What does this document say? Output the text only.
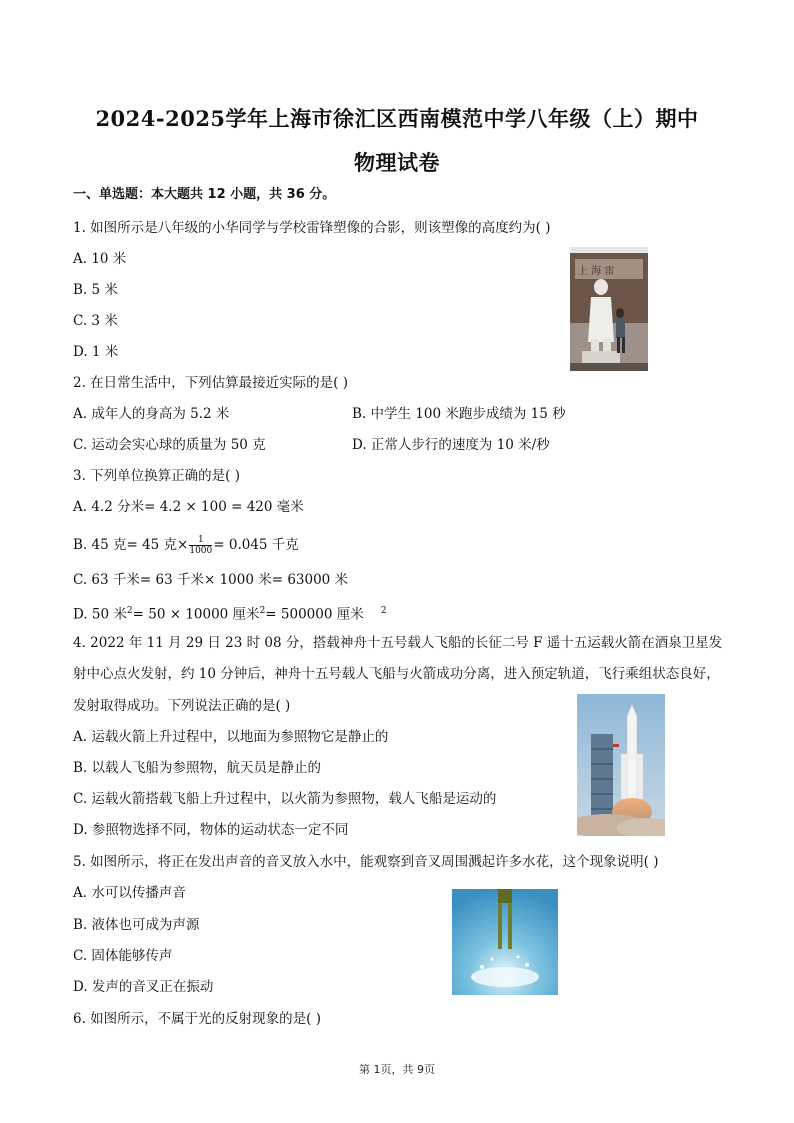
2024-2025学年上海市徐汇区西南模范中学八年级（上）期中
物理试卷
一、单选题：本大题共 12 小题，共 36 分。
1. 如图所示是八年级的小华同学与学校雷锋塑像的合影，则该塑像的高度约为( )
A. 10 米
B. 5 米
C. 3 米
D. 1 米
上 海 雷
2. 在日常生活中，下列估算最接近实际的是( )
A. 成年人的身高为 5.2 米	B. 中学生 100 米跑步成绩为 15 秒
C. 运动会实心球的质量为 50 克	D. 正常人步行的速度为 10 米/秒
3. 下列单位换算正确的是( )
A. 4.2 分米= 4.2 × 100 = 420 毫米
B. 45 克= 45 克× $\frac{1}{1000} = 0.045$ 千克
C. 63 千米= 63 千米× 1000 米= 63000 米
D. 50 米$^2$= 50 × 10000 厘米$^2$= 500000 厘米 $^2$
4. 2022 年 11 月 29 日 23 时 08 分，搭载神舟十五号载人飞船的长征二号 F 遥十五运载火箭在酒泉卫星发
射中心点火发射，约 10 分钟后，神舟十五号载人飞船与火箭成功分离，进入预定轨道，飞行乘组状态良好，
发射取得成功。下列说法正确的是( )
A. 运载火箭上升过程中，以地面为参照物它是静止的
B. 以载人飞船为参照物，航天员是静止的
C. 运载火箭搭载飞船上升过程中，以火箭为参照物，载人飞船是运动的
D. 参照物选择不同，物体的运动状态一定不同
5. 如图所示，将正在发出声音的音叉放入水中，能观察到音叉周围溅起许多水花，这个现象说明( )
A. 水可以传播声音
B. 液体也可成为声源
C. 固体能够传声
D. 发声的音叉正在振动
6. 如图所示，不属于光的反射现象的是( )
第 1页，共 9页
